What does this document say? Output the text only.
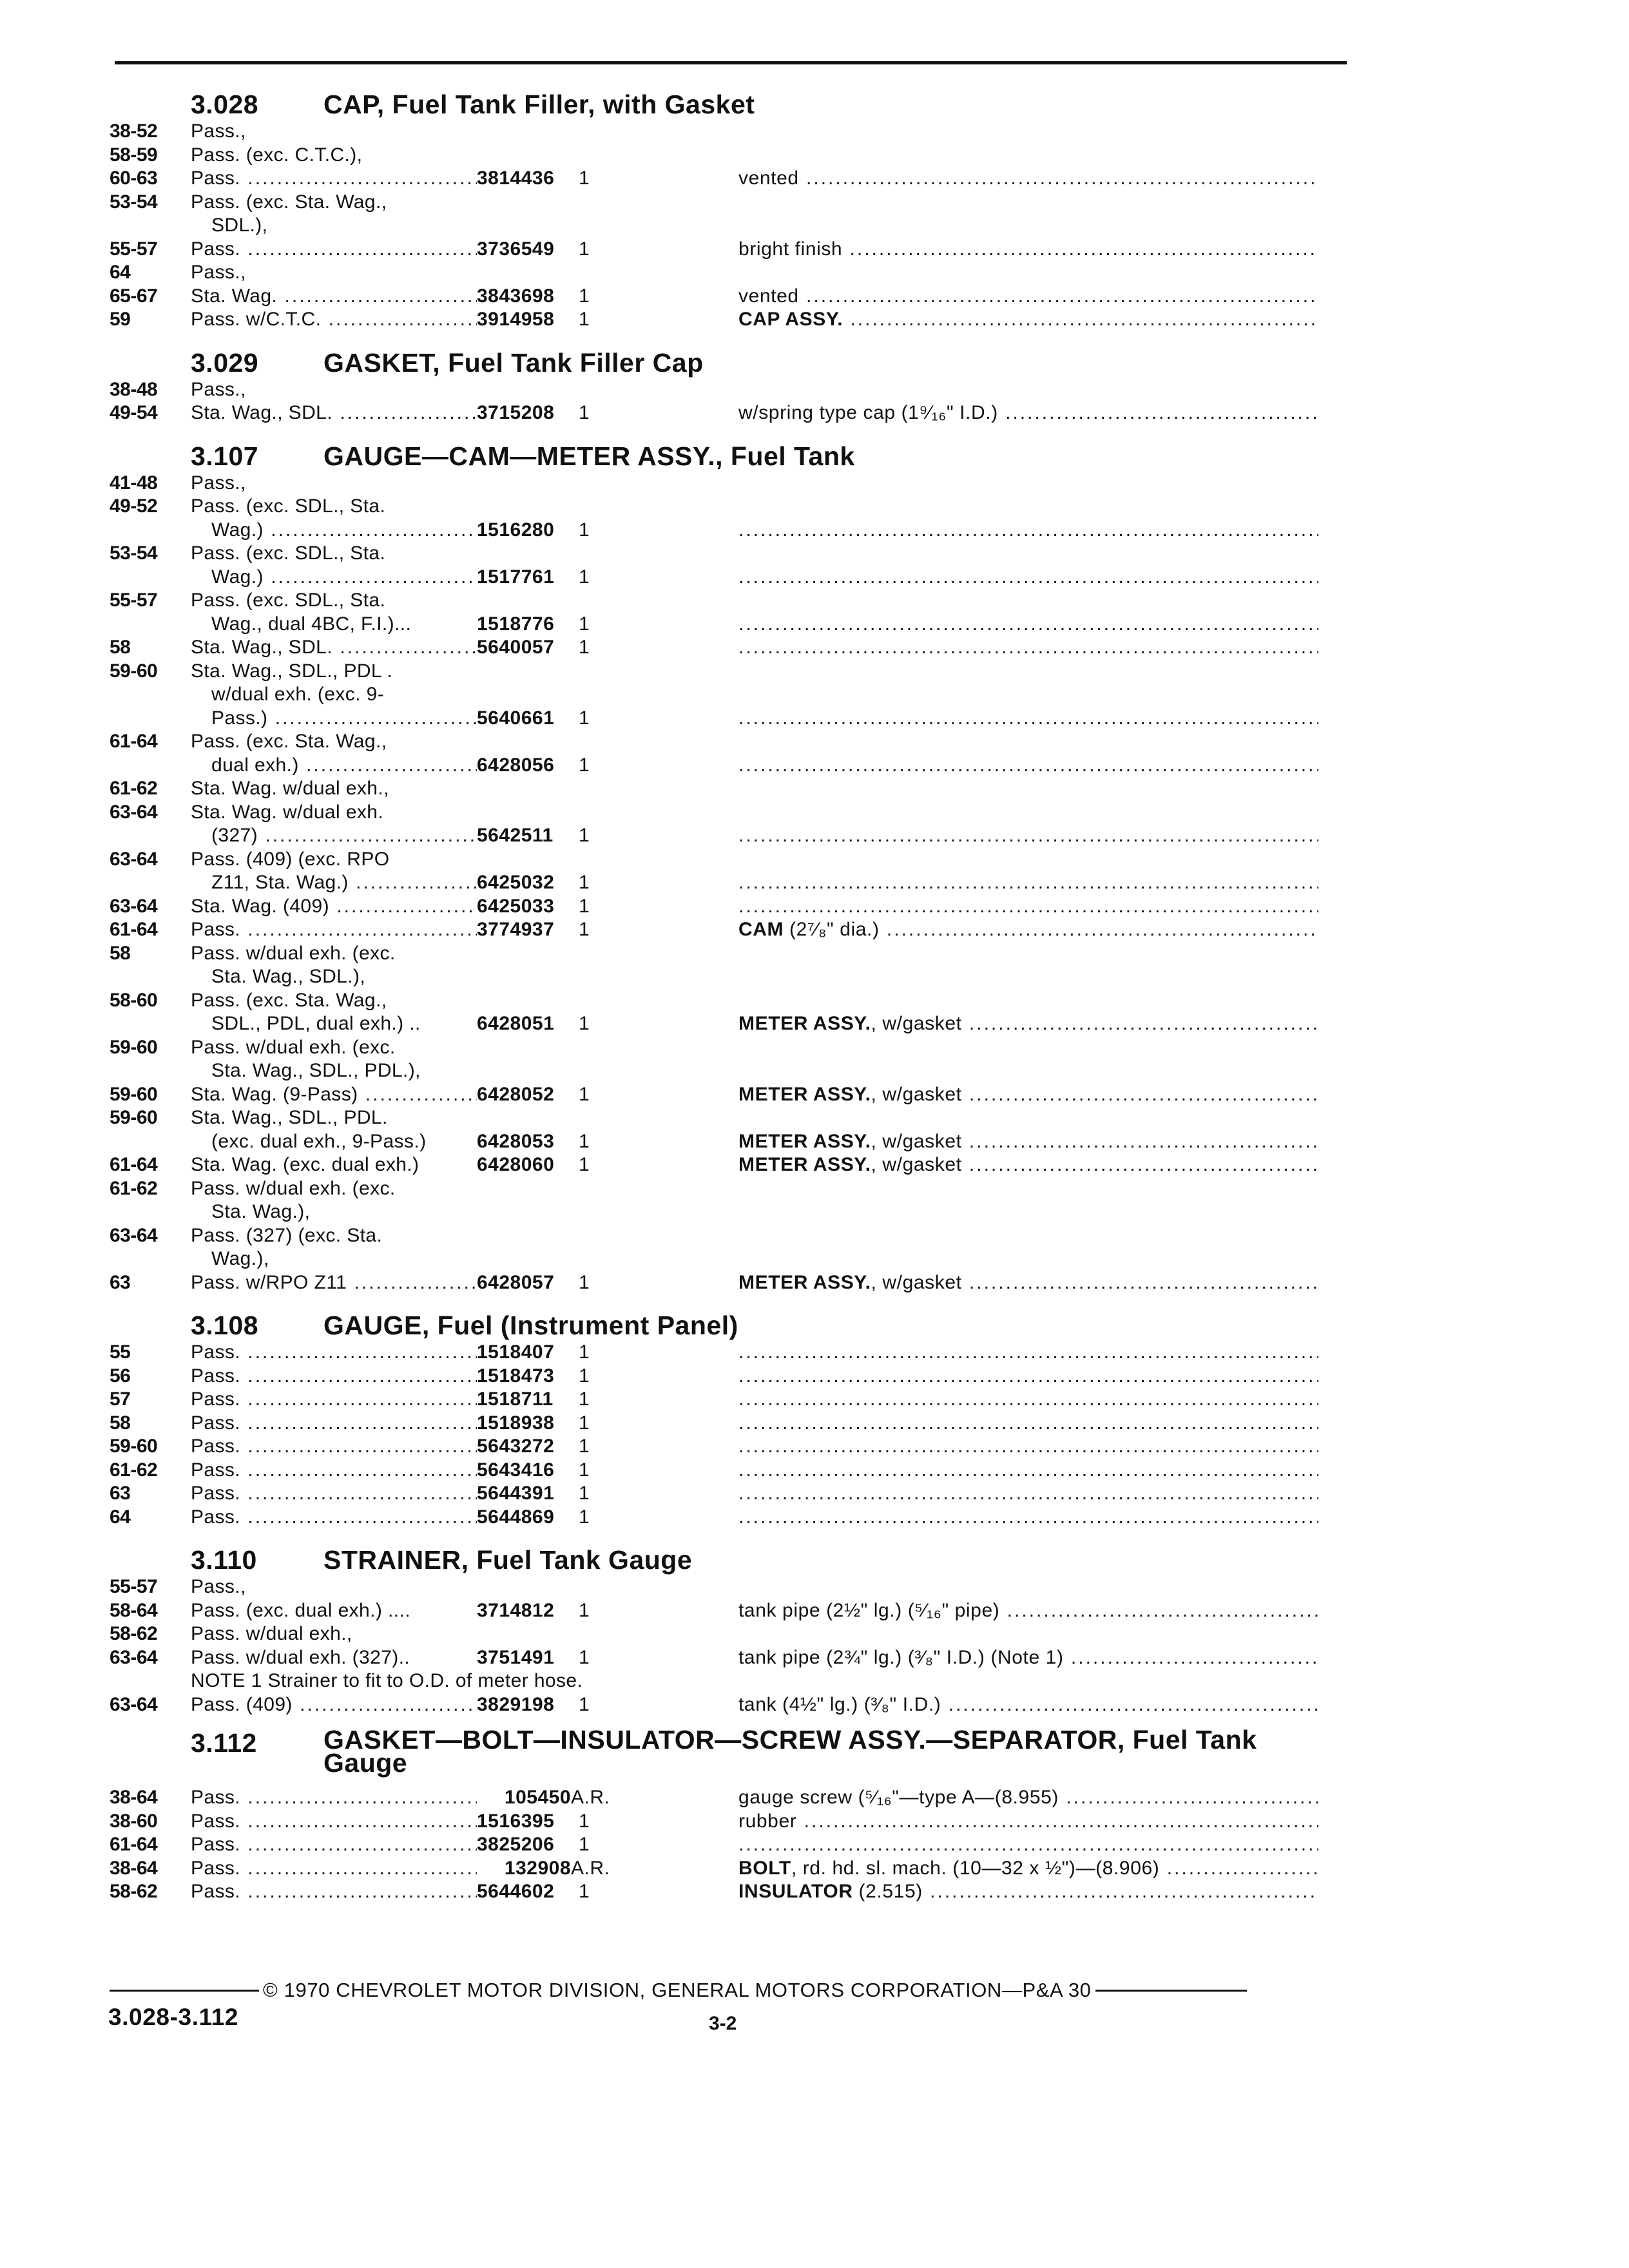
3.028	CAP, Fuel Tank Filler, with Gasket
38-52	Pass.,
58-59	Pass. (exc. C.T.C.),
60-63	Pass. .....	3814436	1	vented .....
53-54	Pass. (exc. Sta. Wag.,
SDL.),
55-57	Pass. .....	3736549	1	bright finish .....
64	Pass.,
65-67	Sta. Wag. .....	3843698	1	vented .....
59	Pass. w/C.T.C. .....	3914958	1	CAP ASSY. .....
3.029	GASKET, Fuel Tank Filler Cap
38-48	Pass.,
49-54	Sta. Wag., SDL. .....	3715208	1	w/spring type cap (1⁹⁄₁₆" I.D.) .....
3.107	GAUGE—CAM—METER ASSY., Fuel Tank
41-48	Pass.,
49-52	Pass. (exc. SDL., Sta.
Wag.) .....	1516280	1
.....
53-54	Pass. (exc. SDL., Sta.
Wag.) .....	1517761	1
.....
55-57	Pass. (exc. SDL., Sta.
Wag., dual 4BC, F.I.)...	1518776	1
.....
58	Sta. Wag., SDL. .....	5640057	1
.....
59-60	Sta. Wag., SDL., PDL .
w/dual exh. (exc. 9-
Pass.) .....	5640661	1
.....
61-64	Pass. (exc. Sta. Wag.,
dual exh.) .....	6428056	1
.....
61-62	Sta. Wag. w/dual exh.,
63-64	Sta. Wag. w/dual exh.
(327) .....	5642511	1
.....
63-64	Pass. (409) (exc. RPO
Z11, Sta. Wag.) .....	6425032	1
.....
63-64	Sta. Wag. (409) .....	6425033	1
.....
61-64	Pass. .....	3774937	1	CAM (2⁷⁄₈" dia.) .....
58	Pass. w/dual exh. (exc.
Sta. Wag., SDL.),
58-60	Pass. (exc. Sta. Wag.,
SDL., PDL, dual exh.) ..	6428051	1	METER ASSY., w/gasket .....
59-60	Pass. w/dual exh. (exc.
Sta. Wag., SDL., PDL.),
59-60	Sta. Wag. (9-Pass) .....	6428052	1	METER ASSY., w/gasket .....
59-60	Sta. Wag., SDL., PDL.
(exc. dual exh., 9-Pass.)	6428053	1	METER ASSY., w/gasket .....
61-64	Sta. Wag. (exc. dual exh.)	6428060	1	METER ASSY., w/gasket .....
61-62	Pass. w/dual exh. (exc.
Sta. Wag.),
63-64	Pass. (327) (exc. Sta.
Wag.),
63	Pass. w/RPO Z11 .....	6428057	1	METER ASSY., w/gasket .....
3.108	GAUGE, Fuel (Instrument Panel)
55	Pass. .....	1518407	1
.....
56	Pass. .....	1518473	1
.....
57	Pass. .....	1518711	1
.....
58	Pass. .....	1518938	1
.....
59-60	Pass. .....	5643272	1
.....
61-62	Pass. .....	5643416	1
.....
63	Pass. .....	5644391	1
.....
64	Pass. .....	5644869	1
.....
3.110	STRAINER, Fuel Tank Gauge
55-57	Pass.,
58-64	Pass. (exc. dual exh.) ....	3714812	1	tank pipe (2½" lg.) (⁵⁄₁₆" pipe) .....
58-62	Pass. w/dual exh.,
63-64	Pass. w/dual exh. (327)..	3751491	1	tank pipe (2¾" lg.) (³⁄₈" I.D.) (Note 1) .....
NOTE 1 Strainer to fit to O.D. of meter hose.
63-64	Pass. (409) .....	3829198	1	tank (4½" lg.) (³⁄₈" I.D.) .....
3.112	GASKET—BOLT—INSULATOR—SCREW ASSY.—SEPARATOR, Fuel Tank Gauge
38-64	Pass. .....	105450 A.R.	gauge screw (⁵⁄₁₆"—type A—(8.955) .....
38-60	Pass. .....	1516395	1	rubber .....
61-64	Pass. .....	3825206	1
.....
38-64	Pass. .....	132908 A.R.	BOLT, rd. hd. sl. mach. (10—32 x ½")—(8.906) .....
58-62	Pass. .....	5644602	1	INSULATOR (2.515) .....
© 1970 CHEVROLET MOTOR DIVISION, GENERAL MOTORS CORPORATION—P&A 30
3.028-3.112	3-2
